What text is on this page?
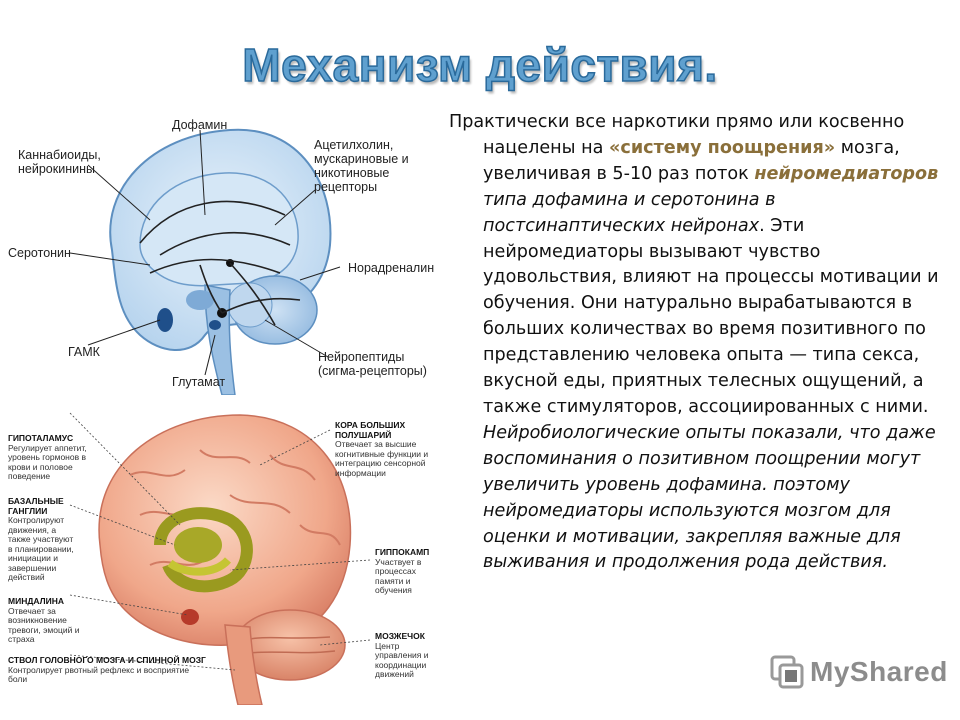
Механизм действия.
Дофамин
Каннабиоиды,
нейрокинины
Ацетилхолин,
мускариновые и
никотиновые
рецепторы
Серотонин
Норадреналин
ГАМК	Нейропептиды
(сигма-рецепторы)
Глутамат
ГИПОТАЛАМУС
Регулирует аппетит, уровень гормонов в крови и половое поведение
БАЗАЛЬНЫЕ ГАНГЛИИ
Контролируют движения, а также участвуют в планировании, инициации и завершении действий
МИНДАЛИНА
Отвечает за возникновение тревоги, эмоций и страха
СТВОЛ ГОЛОВНОГО МОЗГА И СПИННОЙ МОЗГ
Контролирует рвотный рефлекс и восприятие боли
КОРА БОЛЬШИХ ПОЛУШАРИЙ
Отвечает за высшие когнитивные функции и интеграцию сенсорной информации
ГИППОКАМП
Участвует в процессах памяти и обучения
МОЗЖЕЧОК
Центр управления и координации движений

Практически все наркотики прямо или косвенно нацелены на «систему поощрения» мозга, увеличивая в 5-10 раз поток нейромедиаторов типа дофамина и серотонина в постсинаптических нейронах. Эти нейромедиаторы вызывают чувство удовольствия, влияют на процессы мотивации и обучения. Они натурально вырабатываются в больших количествах во время позитивного по представлению человека опыта — типа секса, вкусной еды, приятных телесных ощущений, а также стимуляторов, ассоциированных с ними. Нейробиологические опыты показали, что даже воспоминания о позитивном поощрении могут увеличить уровень дофамина. поэтому нейромедиаторы используются мозгом для оценки и мотивации, закрепляя важные для выживания и продолжения рода действия.

MyShared
